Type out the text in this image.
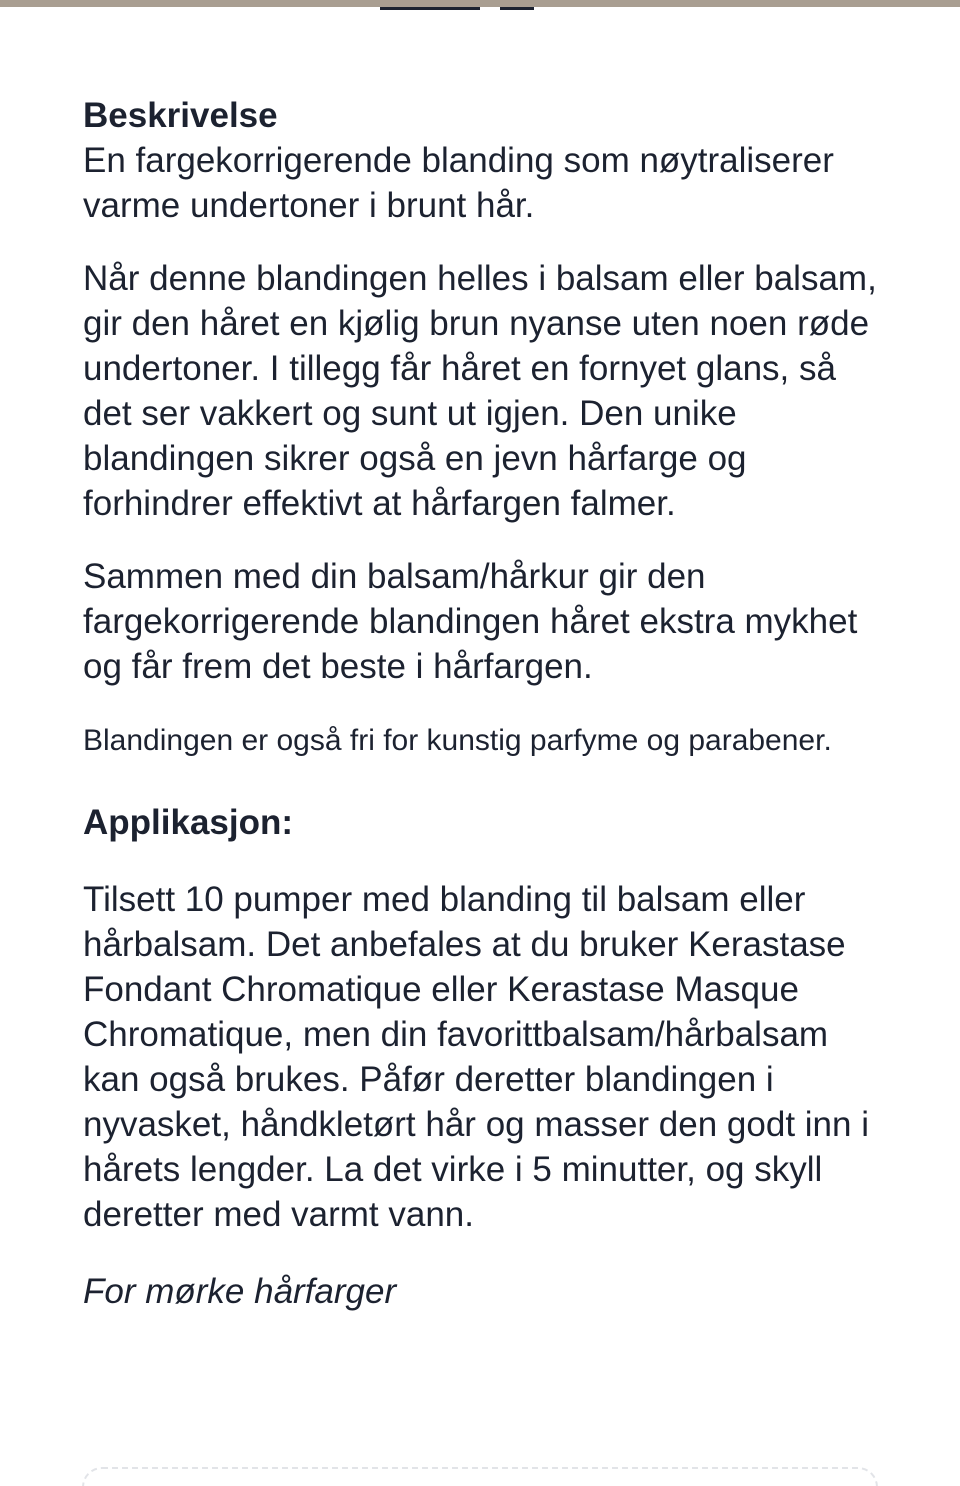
Beskrivelse

En fargekorrigerende blanding som nøytraliserer varme undertoner i brunt hår.

Når denne blandingen helles i balsam eller balsam, gir den håret en kjølig brun nyanse uten noen røde undertoner. I tillegg får håret en fornyet glans, så det ser vakkert og sunt ut igjen. Den unike blandingen sikrer også en jevn hårfarge og forhindrer effektivt at hårfargen falmer.

Sammen med din balsam/hårkur gir den fargekorrigerende blandingen håret ekstra mykhet og får frem det beste i hårfargen.

Blandingen er også fri for kunstig parfyme og parabener.

Applikasjon:

Tilsett 10 pumper med blanding til balsam eller hårbalsam. Det anbefales at du bruker Kerastase Fondant Chromatique eller Kerastase Masque Chromatique, men din favorittbalsam/hårbalsam kan også brukes. Påfør deretter blandingen i nyvasket, håndkletørt hår og masser den godt inn i hårets lengder. La det virke i 5 minutter, og skyll deretter med varmt vann.

For mørke hårfarger
